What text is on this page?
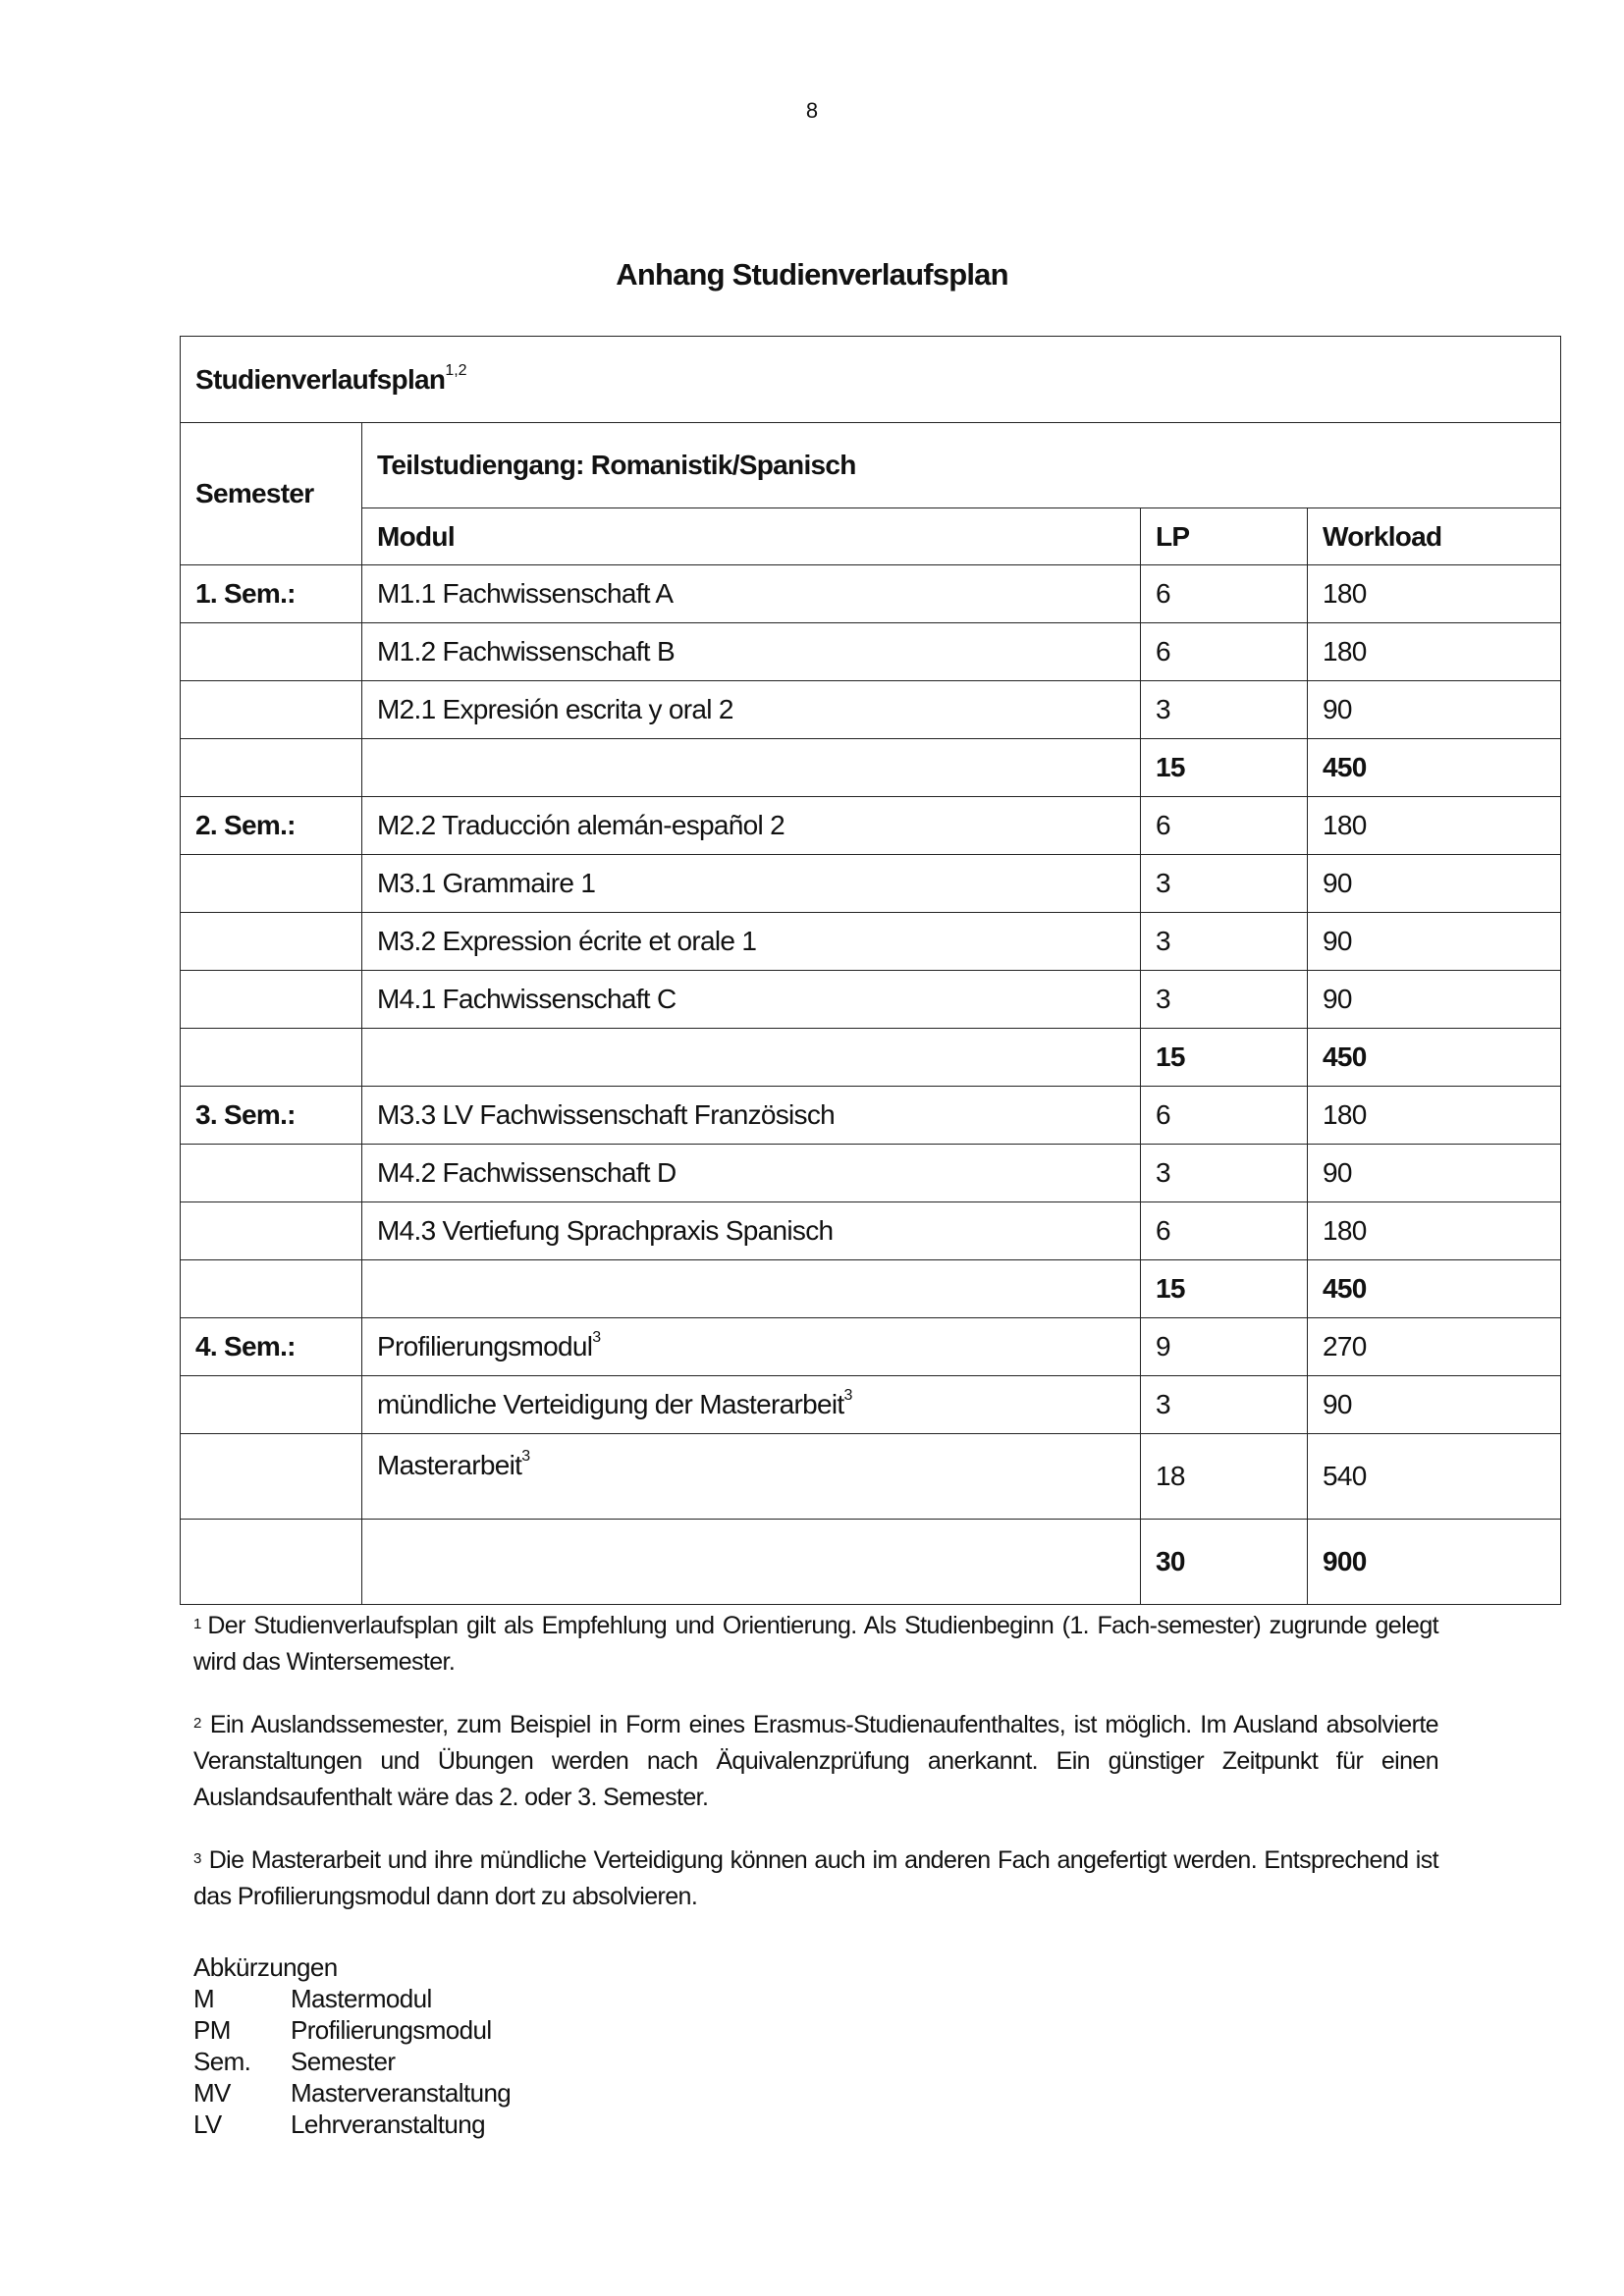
8
Anhang Studienverlaufsplan
Studienverlaufsplan$^{1,2}$
Semester	Teilstudiengang: Romanistik/Spanisch		
	Modul	LP	Workload
1. Sem.:	M1.1 Fachwissenschaft A	6	180
	M1.2 Fachwissenschaft B	6	180
	M2.1 Expresión escrita y oral 2	3	90
		15	450
2. Sem.:	M2.2 Traducción alemán-español 2	6	180
	M3.1 Grammaire 1	3	90
	M3.2 Expression écrite et orale 1	3	90
	M4.1 Fachwissenschaft C	3	90
		15	450
3. Sem.:	M3.3 LV Fachwissenschaft Französisch	6	180
	M4.2 Fachwissenschaft D	3	90
	M4.3 Vertiefung Sprachpraxis Spanisch	6	180
		15	450
4. Sem.:	Profilierungsmodul$^3$	9	270
	mündliche Verteidigung der Masterarbeit$^3$	3	90
	Masterarbeit$^3$	18	540
		30	900
$^1$ Der Studienverlaufsplan gilt als Empfehlung und Orientierung. Als Studienbeginn (1. Fach-semester) zugrunde gelegt wird das Wintersemester.
$^2$ Ein Auslandssemester, zum Beispiel in Form eines Erasmus-Studienaufenthaltes, ist möglich. Im Ausland absolvierte Veranstaltungen und Übungen werden nach Äquivalenzprüfung anerkannt. Ein günstiger Zeitpunkt für einen Auslandsaufenthalt wäre das 2. oder 3. Semester.
$^3$ Die Masterarbeit und ihre mündliche Verteidigung können auch im anderen Fach angefertigt werden. Entsprechend ist das Profilierungsmodul dann dort zu absolvieren.
Abkürzungen
M	Mastermodul
PM	Profilierungsmodul
Sem.	Semester
MV	Masterveranstaltung
LV	Lehrveranstaltung
